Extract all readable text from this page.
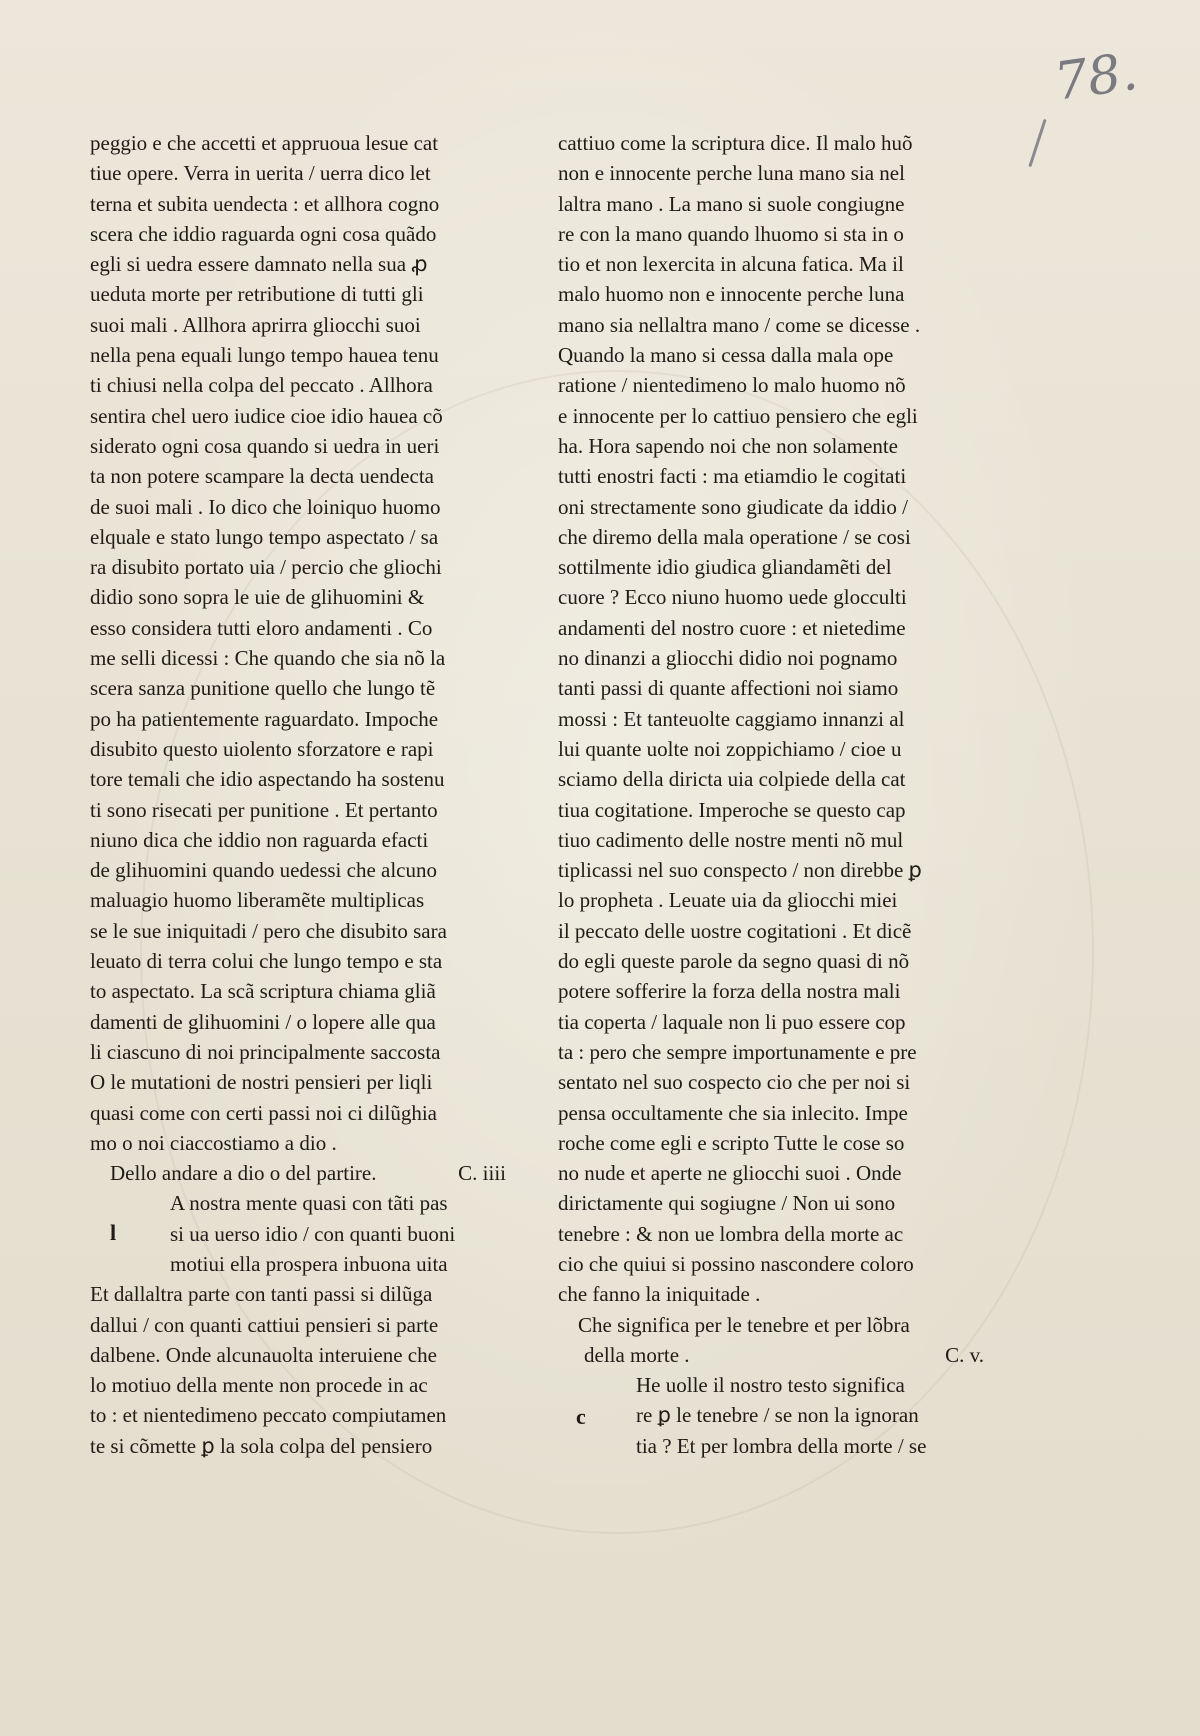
78.
peggio e che accetti et appruoua lesue cat
tiue opere. Verra in uerita / uerra dico let
terna et subita uendecta : et allhora cogno
scera che iddio raguarda ogni cosa quãdo
egli si uedra essere damnato nella sua ꝓ
ueduta morte per retributione di tutti gli
suoi mali . Allhora aprirra gliocchi suoi
nella pena equali lungo tempo hauea tenu
ti chiusi nella colpa del peccato . Allhora
sentira chel uero iudice cioe idio hauea cõ
siderato ogni cosa quando si uedra in ueri
ta non potere scampare la decta uendecta
de suoi mali . Io dico che loiniquo huomo
elquale e stato lungo tempo aspectato / sa
ra disubito portato uia / percio che gliochi
didio sono sopra le uie de glihuomini &
esso considera tutti eloro andamenti . Co
me selli dicessi : Che quando che sia nõ la
scera sanza punitione quello che lungo tẽ
po ha patientemente raguardato. Impoche
disubito questo uiolento sforzatore e rapi
tore temali che idio aspectando ha sostenu
ti sono risecati per punitione . Et pertanto
niuno dica che iddio non raguarda efacti
de glihuomini quando uedessi che alcuno
maluagio huomo liberamẽte multiplicas
se le sue iniquitadi / pero che disubito sara
leuato di terra colui che lungo tempo e sta
to aspectato. La scã scriptura chiama gliã
damenti de glihuomini / o lopere alle qua
li ciascuno di noi principalmente saccosta
O le mutationi de nostri pensieri per liqli
quasi come con certi passi noi ci dilũghia
mo o noi ciaccostiamo a dio .
Dello andare a dio o del partire.	C. iiii
A nostra mente quasi con tãti pas
si ua uerso idio / con quanti buoni
motiui ella prospera inbuona uita
l
Et dallaltra parte con tanti passi si dilũga
dallui / con quanti cattiui pensieri si parte
dalbene. Onde alcunauolta interuiene che
lo motiuo della mente non procede in ac
to : et nientedimeno peccato compiutamen
te si cõmette ꝑ la sola colpa del pensiero
cattiuo come la scriptura dice. Il malo huõ
non e innocente perche luna mano sia nel
laltra mano . La mano si suole congiugne
re con la mano quando lhuomo si sta in o
tio et non lexercita in alcuna fatica. Ma il
malo huomo non e innocente perche luna
mano sia nellaltra mano / come se dicesse .
Quando la mano si cessa dalla mala ope
ratione / nientedimeno lo malo huomo nõ
e innocente per lo cattiuo pensiero che egli
ha. Hora sapendo noi che non solamente
tutti enostri facti : ma etiamdio le cogitati
oni strectamente sono giudicate da iddio /
che diremo della mala operatione / se cosi
sottilmente idio giudica gliandamẽti del
cuore ? Ecco niuno huomo uede glocculti
andamenti del nostro cuore : et nietedime
no dinanzi a gliocchi didio noi pognamo
tanti passi di quante affectioni noi siamo
mossi : Et tanteuolte caggiamo innanzi al
lui quante uolte noi zoppichiamo / cioe u
sciamo della diricta uia colpiede della cat
tiua cogitatione. Imperoche se questo cap
tiuo cadimento delle nostre menti nõ mul
tiplicassi nel suo conspecto / non direbbe ꝑ
lo propheta . Leuate uia da gliocchi miei
il peccato delle uostre cogitationi . Et dicẽ
do egli queste parole da segno quasi di nõ
potere sofferire la forza della nostra mali
tia coperta / laquale non li puo essere cop
ta : pero che sempre importunamente e pre
sentato nel suo cospecto cio che per noi si
pensa occultamente che sia inlecito. Impe
roche come egli e scripto Tutte le cose so
no nude et aperte ne gliocchi suoi . Onde
dirictamente qui sogiugne / Non ui sono
tenebre : & non ue lombra della morte ac
cio che quiui si possino nascondere coloro
che fanno la iniquitade .
Che significa per le tenebre et per lõbra
della morte .	C. v.
He uolle il nostro testo significa
re ꝑ le tenebre / se non la ignoran
tia ? Et per lombra della morte / se
c
